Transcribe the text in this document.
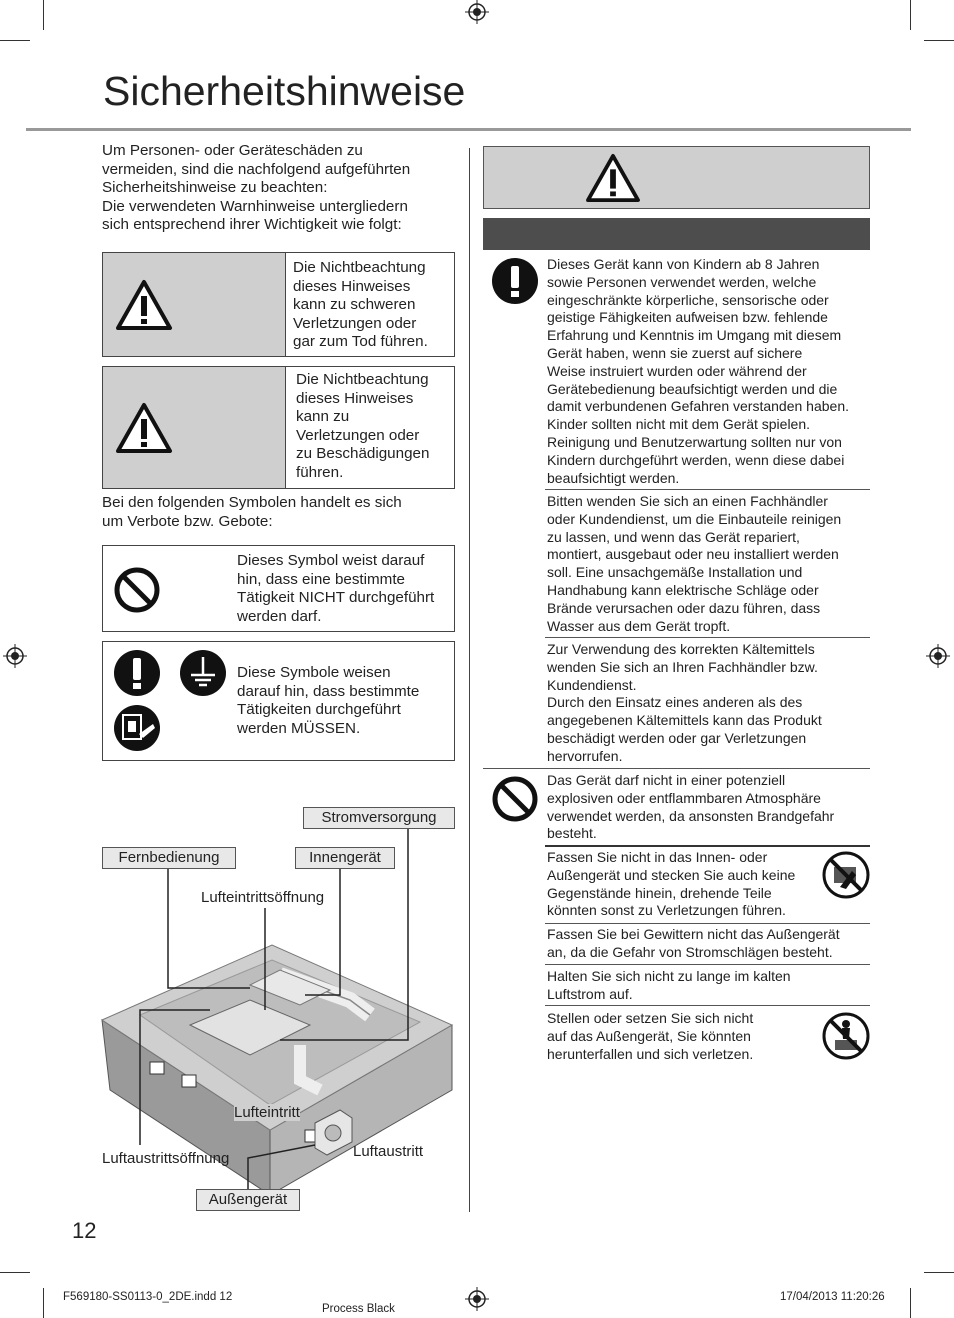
Sicherheitshinweise
Um Personen- oder Geräteschäden zu
vermeiden, sind die nachfolgend aufgeführten
Sicherheitshinweise zu beachten:
Die verwendeten Warnhinweise untergliedern
sich entsprechend ihrer Wichtigkeit wie folgt:
Die Nichtbeachtung
dieses Hinweises
kann zu schweren
Verletzungen oder
gar zum Tod führen.
Die Nichtbeachtung
dieses Hinweises
kann zu
Verletzungen oder
zu Beschädigungen
führen.
Bei den folgenden Symbolen handelt es sich
um Verbote bzw. Gebote:
Dieses Symbol weist darauf
hin, dass eine bestimmte
Tätigkeit NICHT durchgeführt
werden darf.
Diese Symbole weisen
darauf hin, dass bestimmte
Tätigkeiten durchgeführt
werden MÜSSEN.
Stromversorgung
Fernbedienung	Innengerät
Lufteintrittsöffnung
Lufteintritt
Luftaustrittsöffnung	Luftaustritt
Außengerät
12
F569180-SS0113-0_2DE.indd 12
Process Black
17/04/2013 11:20:26
Dieses Gerät kann von Kindern ab 8 Jahren
sowie Personen verwendet werden, welche
eingeschränkte körperliche, sensorische oder
geistige Fähigkeiten aufweisen bzw. fehlende
Erfahrung und Kenntnis im Umgang mit diesem
Gerät haben, wenn sie zuerst auf sichere
Weise instruiert wurden oder während der
Gerätebedienung beaufsichtigt werden und die
damit verbundenen Gefahren verstanden haben.
Kinder sollten nicht mit dem Gerät spielen.
Reinigung und Benutzerwartung sollten nur von
Kindern durchgeführt werden, wenn diese dabei
beaufsichtigt werden.
Bitten wenden Sie sich an einen Fachhändler
oder Kundendienst, um die Einbauteile reinigen
zu lassen, und wenn das Gerät repariert,
montiert, ausgebaut oder neu installiert werden
soll. Eine unsachgemäße Installation und
Handhabung kann elektrische Schläge oder
Brände verursachen oder dazu führen, dass
Wasser aus dem Gerät tropft.
Zur Verwendung des korrekten Kältemittels
wenden Sie sich an Ihren Fachhändler bzw.
Kundendienst.
Durch den Einsatz eines anderen als des
angegebenen Kältemittels kann das Produkt
beschädigt werden oder gar Verletzungen
hervorrufen.
Das Gerät darf nicht in einer potenziell
explosiven oder entflammbaren Atmosphäre
verwendet werden, da ansonsten Brandgefahr
besteht.
Fassen Sie nicht in das Innen- oder
Außengerät und stecken Sie auch keine
Gegenstände hinein, drehende Teile
könnten sonst zu Verletzungen führen.
Fassen Sie bei Gewittern nicht das Außengerät
an, da die Gefahr von Stromschlägen besteht.
Halten Sie sich nicht zu lange im kalten
Luftstrom auf.
Stellen oder setzen Sie sich nicht
auf das Außengerät, Sie könnten
herunterfallen und sich verletzen.
